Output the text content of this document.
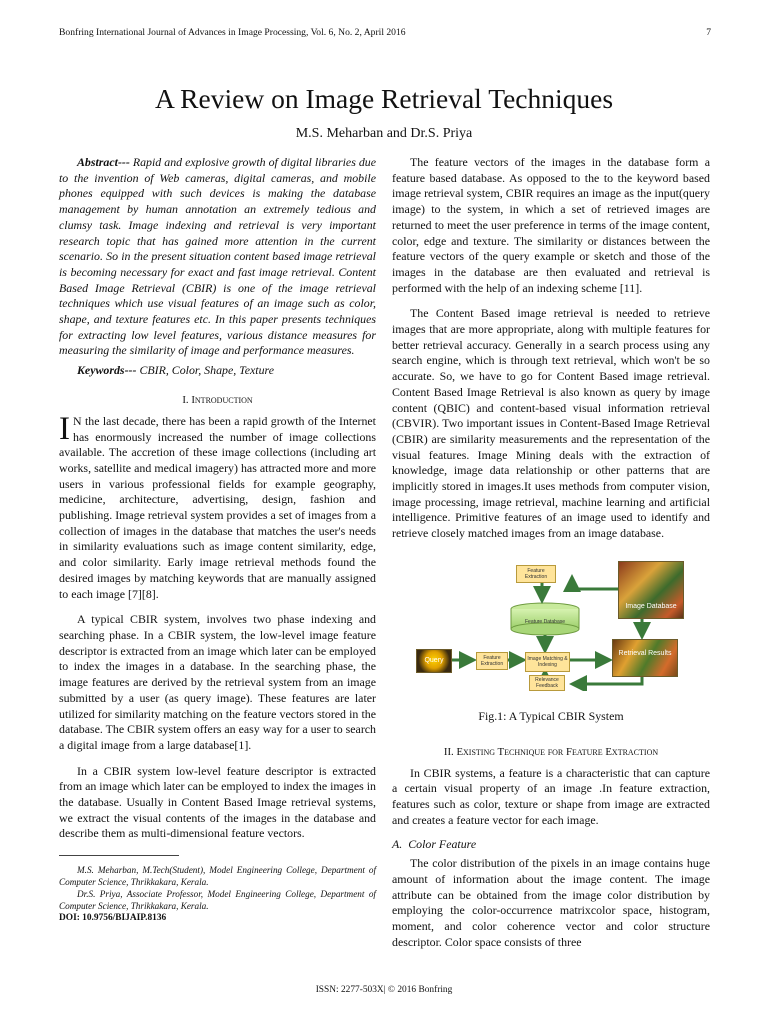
Bonfring International Journal of Advances in Image Processing, Vol. 6, No. 2, April 2016	7
A Review on Image Retrieval Techniques
M.S. Meharban and Dr.S. Priya

Abstract--- Rapid and explosive growth of digital libraries due to the invention of Web cameras, digital cameras, and mobile phones equipped with such devices is making the database management by human annotation an extremely tedious and clumsy task. Image indexing and retrieval is very important research topic that has gained more attention in the current scenario. So in the present situation content based image retrieval is becoming necessary for exact and fast image retrieval. Content Based Image Retrieval (CBIR) is one of the image retrieval techniques which use visual features of an image such as color, shape, and texture features etc. In this paper presents techniques for extracting low level features, various distance measures for measuring the similarity of image and performance measures.

Keywords--- CBIR, Color, Shape, Texture

I. Introduction

I N the last decade, there has been a rapid growth of the Internet has enormously increased the number of image collections available. The accretion of these image collections (including art works, satellite and medical imagery) has attracted more and more users in various professional fields for example geography, medicine, architecture, advertising, design, fashion and publishing. Image retrieval system provides a set of images from a collection of images in the database that matches the user's needs in similarity evaluations such as image content similarity, edge, and color similarity. Early image retrieval methods found the desired images by matching keywords that are manually assigned to each image [7][8].

A typical CBIR system, involves two phase indexing and searching phase. In a CBIR system, the low-level image feature descriptor is extracted from an image which later can be employed to index the images in a database. In the searching phase, the image features are derived by the retrieval system from an image submitted by a user (as query image). These features are later utilized for similarity matching on the feature vectors stored in the database. The CBIR system offers an easy way for a user to search a digital image from a large database[1].

In a CBIR system low-level feature descriptor is extracted from an image which later can be employed to index the images in the database. Usually in Content Based Image retrieval systems, we extract the visual contents of the images in the database and describe them as multi-dimensional feature vectors.

M.S. Meharban, M.Tech(Student), Model Engineering College, Department of Computer Science, Thrikkakara, Kerala.

Dr.S. Priya, Associate Professor, Model Engineering College, Department of Computer Science, Thrikkakara, Kerala.

DOI: 10.9756/BIJAIP.8136

The feature vectors of the images in the database form a feature based database. As opposed to the to the keyword based image retrieval system, CBIR requires an image as the input(query image) to the system, in which a set of retrieved images are returned to meet the user preference in terms of the image content, color, edge and texture. The similarity or distances between the feature vectors of the query example or sketch and those of the images in the database are then evaluated and retrieval is performed with the help of an indexing scheme [11].

The Content Based image retrieval is needed to retrieve images that are more appropriate, along with multiple features for better retrieval accuracy. Generally in a search process using any search engine, which is through text retrieval, which won't be so accurate. So, we have to go for Content Based image retrieval. Content Based Image Retrieval is also known as query by image content (QBIC) and content-based visual information retrieval (CBVIR). Two important issues in Content-Based Image Retrieval (CBIR) are similarity measurements and the representation of the visual features. Image Mining deals with the extraction of knowledge, image data relationship or other patterns that are implicitly stored in images.It uses methods from computer vision, image processing, image retrieval, machine learning and artificial intelligence. Primitive features of an image used to identify and retrieve closely matched images from an image database.

Feature Extraction
Image Database
Feature Database
Query	Feature Extraction
Image Matching & Indexing
Retrieval Results
Relevance Feedback

Fig.1: A Typical CBIR System

II. Existing Technique for Feature Extraction

In CBIR systems, a feature is a characteristic that can capture a certain visual property of an image .In feature extraction, features such as color, texture or shape from image are extracted and creates a feature vector for each image.

A. Color Feature

The color distribution of the pixels in an image contains huge amount of information about the image content. The image attribute can be obtained from the image color distribution by employing the color-occurrence matrixcolor space, histogram, moment, and color coherence vector and color structure descriptor. Color space consists of three

ISSN: 2277-503X| © 2016 Bonfring
